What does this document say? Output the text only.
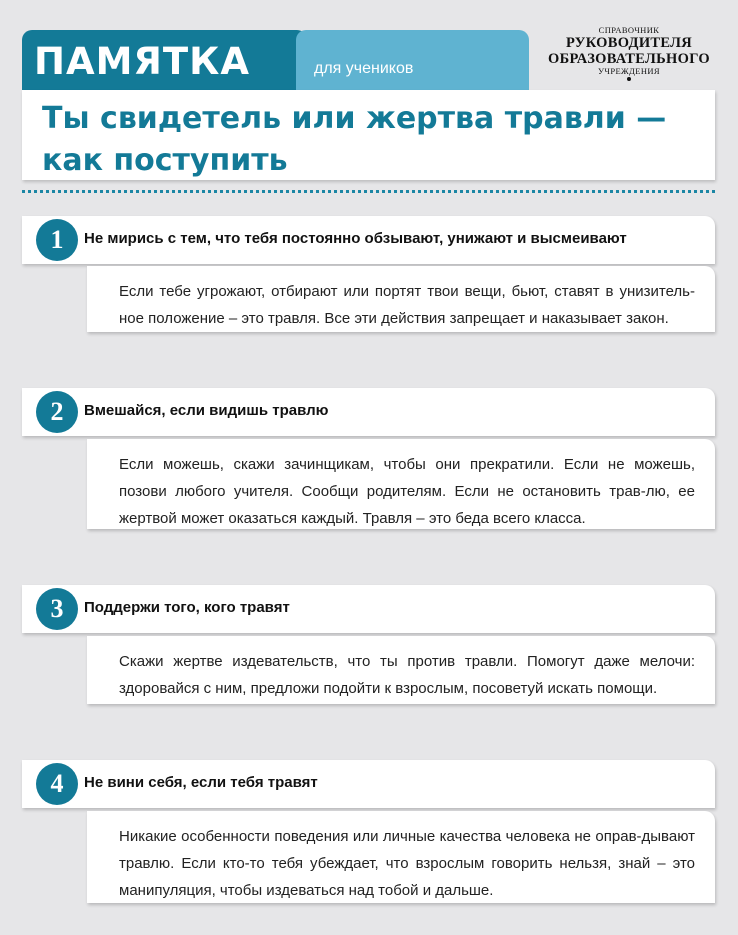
ПАМЯТКА	для учеников
СПРАВОЧНИК
РУКОВОДИТЕЛЯ
ОБРАЗОВАТЕЛЬНОГО
УЧРЕЖДЕНИЯ
Ты свидетель или жертва травли — как поступить
1	Не мирись с тем, что тебя постоянно обзывают, унижают и высмеивают

Если тебе угрожают, отбирают или портят твои вещи, бьют, ставят в унизитель-ное положение – это травля. Все эти действия запрещает и наказывает закон.

2	Вмешайся, если видишь травлю

Если можешь, скажи зачинщикам, чтобы они прекратили. Если не можешь, позови любого учителя. Сообщи родителям. Если не остановить трав-лю, ее жертвой может оказаться каждый. Травля – это беда всего класса.

3	Поддержи того, кого травят

Скажи жертве издевательств, что ты против травли. Помогут даже мелочи: здоровайся с ним, предложи подойти к взрослым, посоветуй искать помощи.

4	Не вини себя, если тебя травят

Никакие особенности поведения или личные качества человека не оправ-дывают травлю. Если кто-то тебя убеждает, что взрослым говорить нельзя, знай – это манипуляция, чтобы издеваться над тобой и дальше.
